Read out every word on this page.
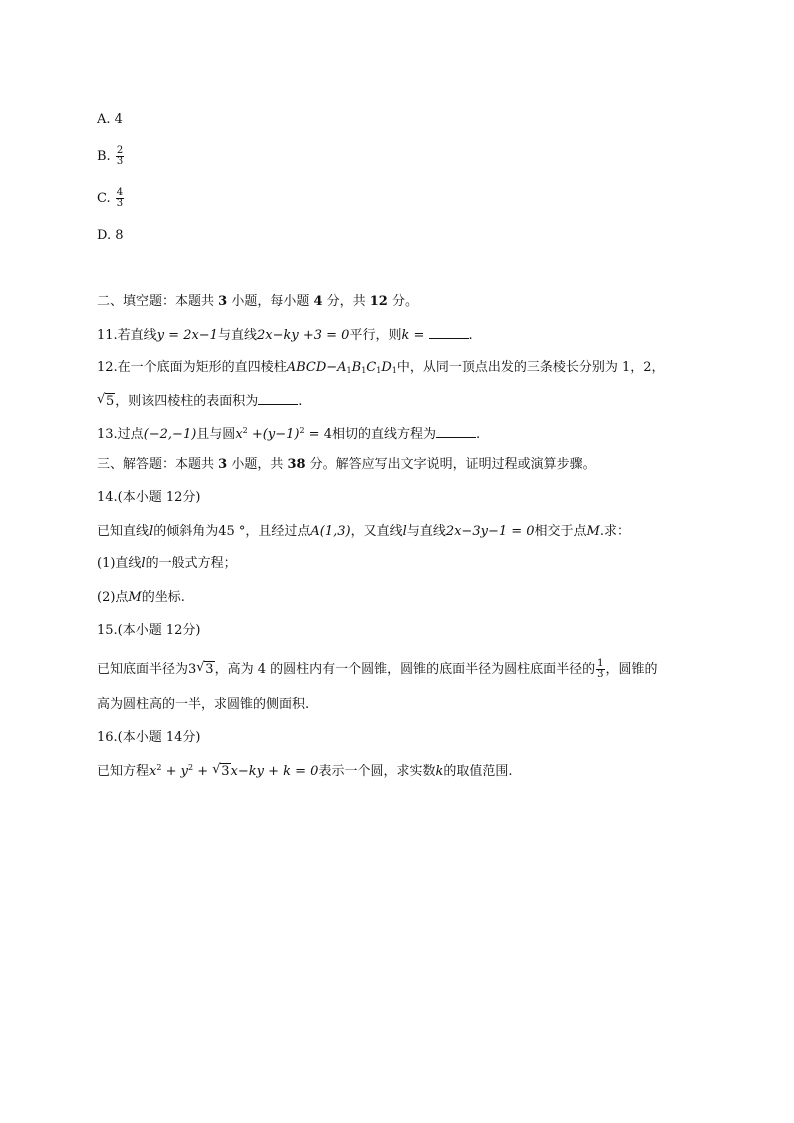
A. 4
B. $\frac{2}{3}$
C. $\frac{4}{3}$
D. 8
二、填空题：本题共 3 小题，每小题 4 分，共 12 分。
11.若直线y = 2x−1与直线2x−ky +3 = 0平行，则k =	.
12.在一个底面为矩形的直四棱柱$ABCD-A_1B_1C_1D_1$中，从同一顶点出发的三条棱长分别为 1，2，
√ 5，则该四棱柱的表面积为	.
13.过点(−2,−1)且与圆$x^2 +(y-1)^2 = 4$相切的直线方程为	.
三、解答题：本题共 3 小题，共 38 分。解答应写出文字说明，证明过程或演算步骤。
14.(本小题 12分)
已知直线l的倾斜角为45 °，且经过点A(1,3)，又直线l与直线2x−3y−1 = 0相交于点M.求：
(1)直线l的一般式方程；
(2)点M的坐标.
15.(本小题 12分)
已知底面半径为3 √ 3，高为 4 的圆柱内有一个圆锥，圆锥的底面半径为圆柱底面半径的 $\frac{1}{3}$ ，圆锥的
高为圆柱高的一半，求圆锥的侧面积.
16.(本小题 14分)
已知方程$x^2 + y^2$ + √ 3x−ky + k = 0表示一个圆，求实数k的取值范围.
